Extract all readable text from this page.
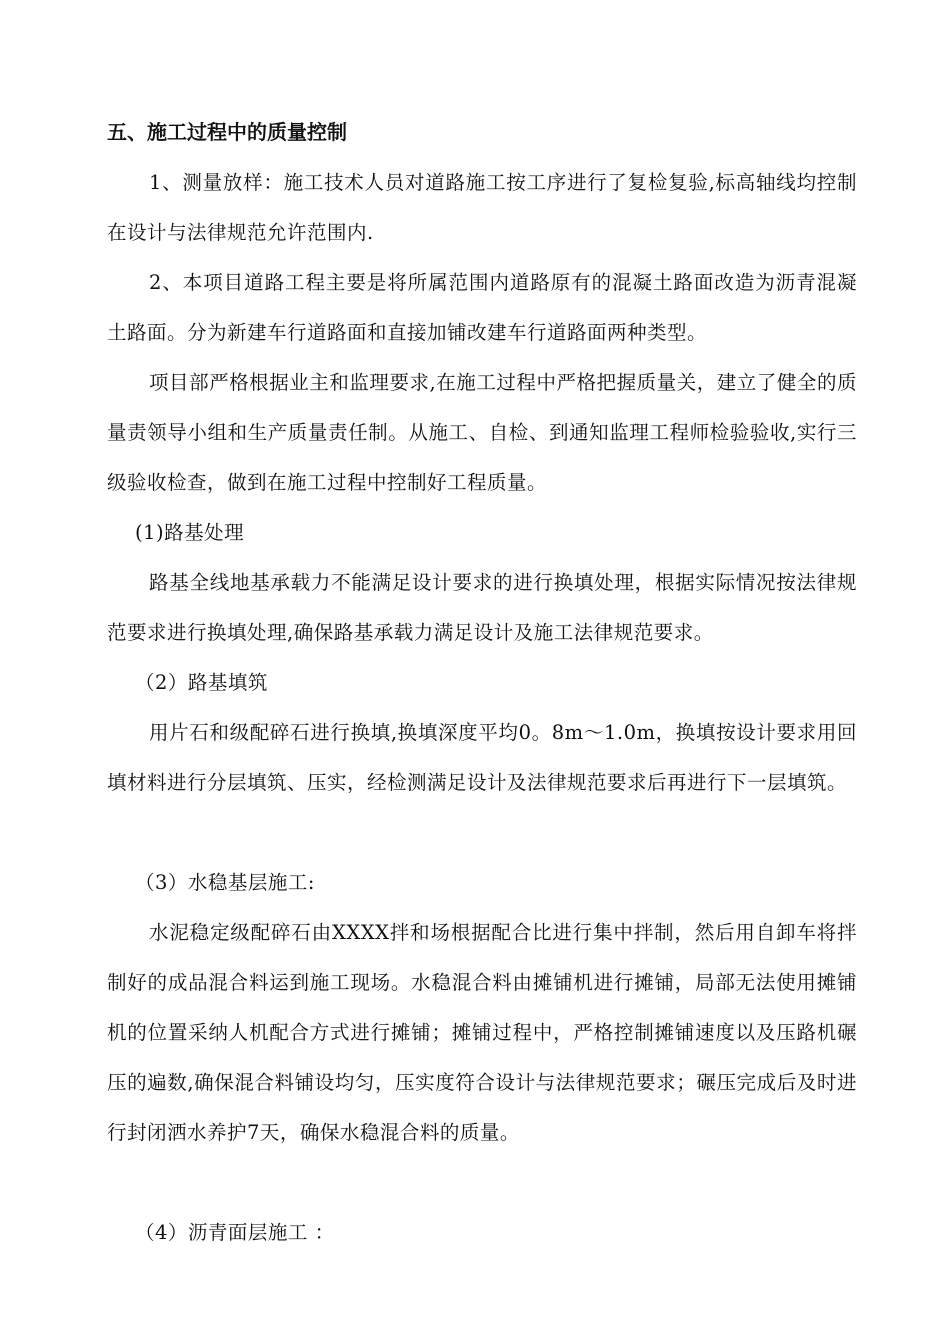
五、施工过程中的质量控制

1、测量放样：施工技术人员对道路施工按工序进行了复检复验,标高轴线均控制在设计与法律规范允许范围内.

2、本项目道路工程主要是将所属范围内道路原有的混凝土路面改造为沥青混凝土路面。分为新建车行道路面和直接加铺改建车行道路面两种类型。

项目部严格根据业主和监理要求,在施工过程中严格把握质量关，建立了健全的质量责领导小组和生产质量责任制。从施工、自检、到通知监理工程师检验验收,实行三级验收检查，做到在施工过程中控制好工程质量。

(1)路基处理

路基全线地基承载力不能满足设计要求的进行换填处理，根据实际情况按法律规范要求进行换填处理,确保路基承载力满足设计及施工法律规范要求。

（2）路基填筑

用片石和级配碎石进行换填,换填深度平均0。8m～1.0m，换填按设计要求用回填材料进行分层填筑、压实，经检测满足设计及法律规范要求后再进行下一层填筑。

（3）水稳基层施工:

水泥稳定级配碎石由XXXX拌和场根据配合比进行集中拌制，然后用自卸车将拌制好的成品混合料运到施工现场。水稳混合料由摊铺机进行摊铺，局部无法使用摊铺机的位置采纳人机配合方式进行摊铺；摊铺过程中，严格控制摊铺速度以及压路机碾压的遍数,确保混合料铺设均匀，压实度符合设计与法律规范要求；碾压完成后及时进行封闭洒水养护7天，确保水稳混合料的质量。

（4）沥青面层施工 ：
